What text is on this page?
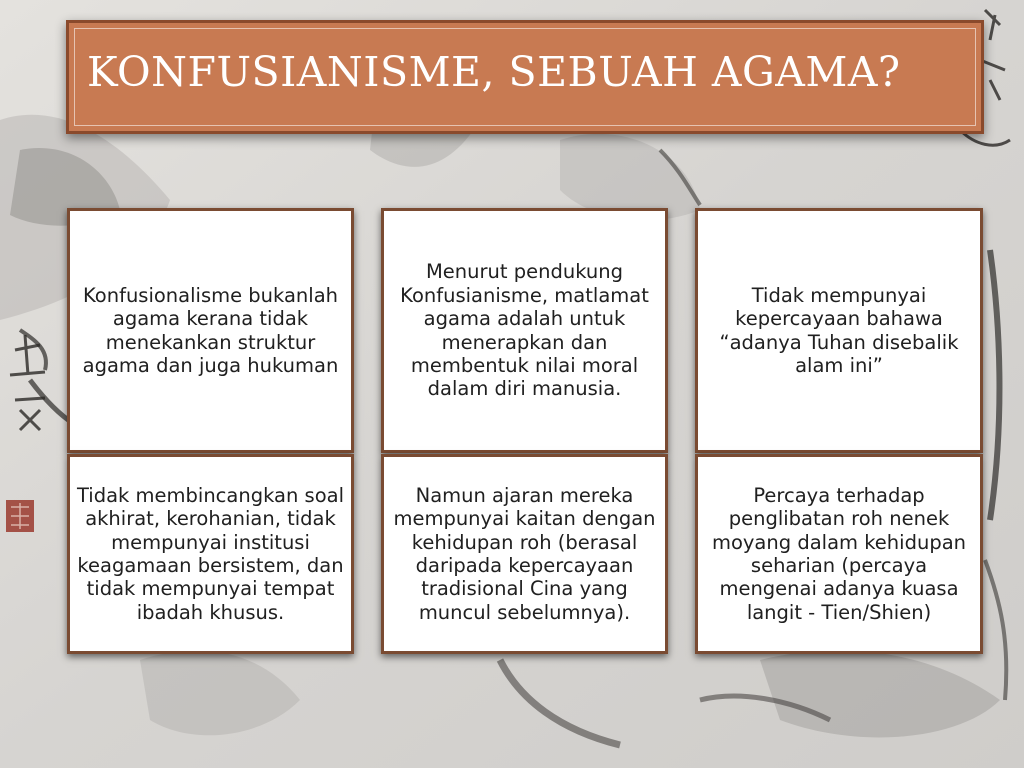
KONFUSIANISME, SEBUAH AGAMA?
Konfusionalisme bukanlah agama kerana tidak menekankan struktur agama dan juga hukuman
Menurut pendukung Konfusianisme, matlamat agama adalah untuk menerapkan dan membentuk nilai moral dalam diri manusia.
Tidak mempunyai kepercayaan bahawa “adanya Tuhan disebalik alam ini”
Tidak membincangkan soal akhirat, kerohanian, tidak mempunyai institusi keagamaan bersistem, dan tidak mempunyai tempat ibadah khusus.
Namun ajaran mereka mempunyai kaitan dengan kehidupan roh (berasal daripada kepercayaan tradisional Cina yang muncul sebelumnya).
Percaya terhadap penglibatan roh nenek moyang dalam kehidupan seharian (percaya mengenai adanya kuasa langit - Tien/Shien)
